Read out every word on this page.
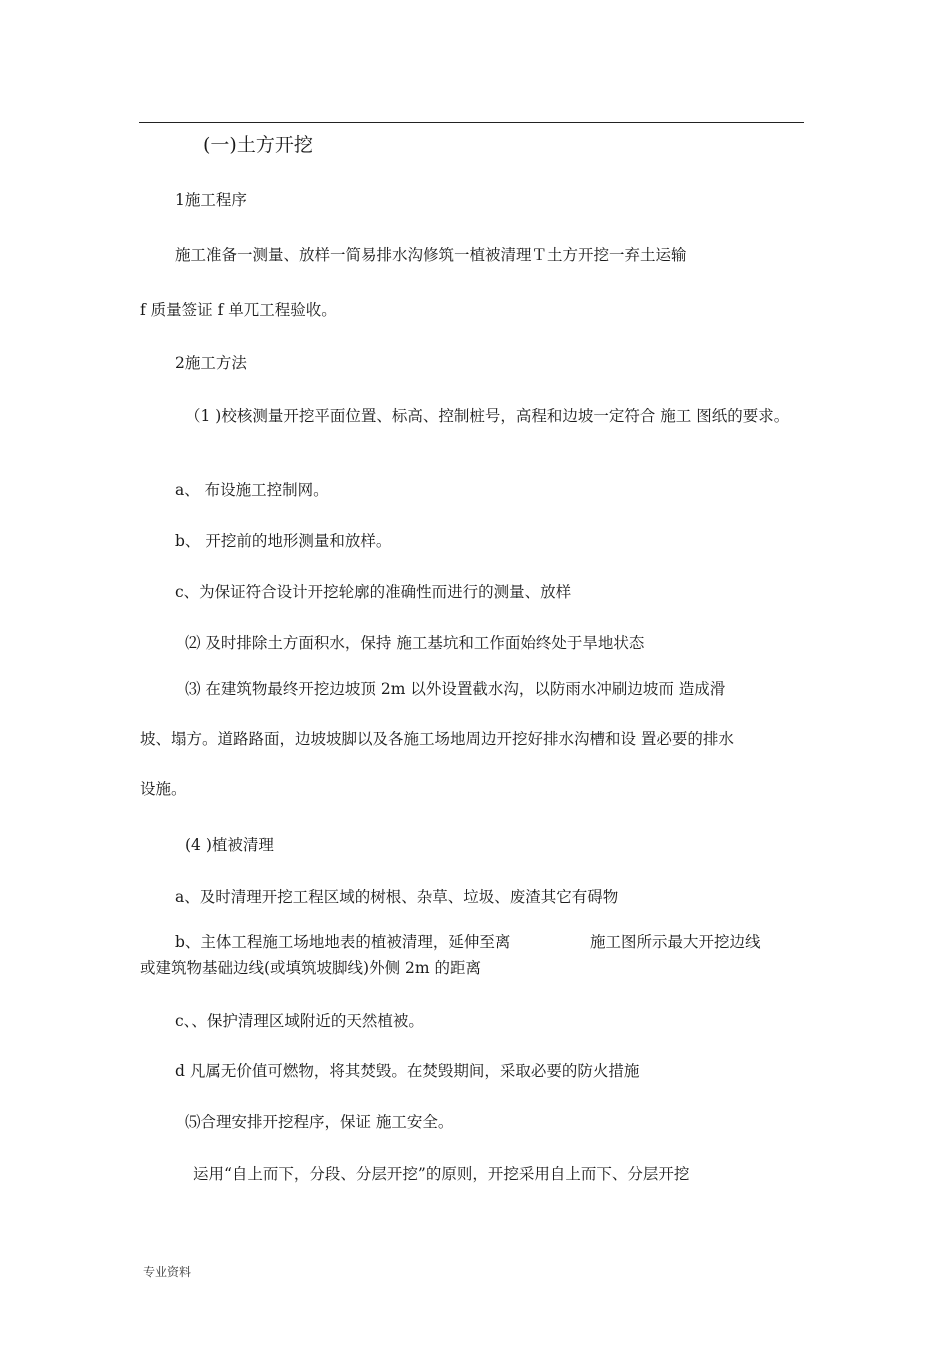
(一)土方开挖
1施工程序
施工准备一测量、放样一简易排水沟修筑一植被清理Ｔ土方开挖一弃土运输
f 质量签证 f 单兀工程验收。
2施工方法
（1 )校核测量开挖平面位置、标高、控制桩号，高程和边坡一定符合 施工 图纸的要求。
a、 布设施工控制网。
b、 开挖前的地形测量和放样。
c、为保证符合设计开挖轮廓的准确性而进行的测量、放样
⑵ 及时排除土方面积水，保持 施工基坑和工作面始终处于旱地状态
⑶ 在建筑物最终开挖边坡顶 2m 以外设置截水沟，以防雨水冲刷边坡而 造成滑
坡、塌方。道路路面，边坡坡脚以及各施工场地周边开挖好排水沟槽和设 置必要的排水
设施。
(4 )植被清理
a、及时清理开挖工程区域的树根、杂草、垃圾、废渣其它有碍物
b、主体工程施工场地地表的植被清理，延伸至离	施工图所示最大开挖边线
或建筑物基础边线(或填筑坡脚线)外侧 2m 的距离
c、、保护清理区域附近的天然植被。
d 凡属无价值可燃物，将其焚毁。在焚毁期间，采取必要的防火措施
⑸合理安排开挖程序，保证 施工安全。
运用“自上而下，分段、分层开挖”的原则，开挖采用自上而下、分层开挖
专业资料
